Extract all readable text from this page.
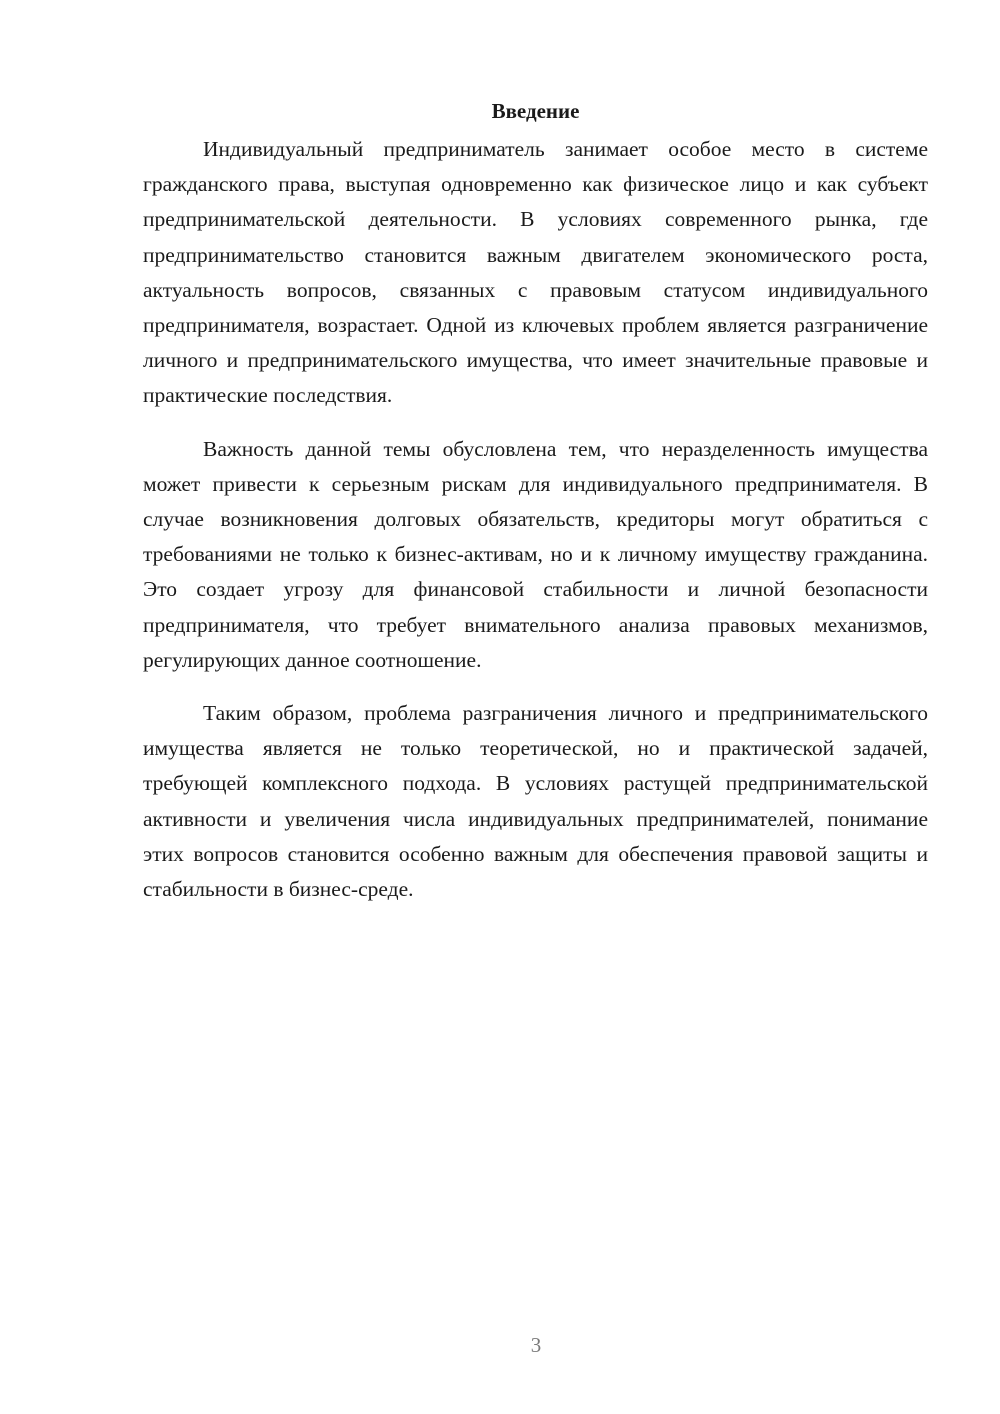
Введение

Индивидуальный предприниматель занимает особое место в системе гражданского права, выступая одновременно как физическое лицо и как субъект предпринимательской деятельности. В условиях современного рынка, где предпринимательство становится важным двигателем экономического роста, актуальность вопросов, связанных с правовым статусом индивидуального предпринимателя, возрастает. Одной из ключевых проблем является разграничение личного и предпринимательского имущества, что имеет значительные правовые и практические последствия.

Важность данной темы обусловлена тем, что неразделенность имущества может привести к серьезным рискам для индивидуального предпринимателя. В случае возникновения долговых обязательств, кредиторы могут обратиться с требованиями не только к бизнес-активам, но и к личному имуществу гражданина. Это создает угрозу для финансовой стабильности и личной безопасности предпринимателя, что требует внимательного анализа правовых механизмов, регулирующих данное соотношение.

Таким образом, проблема разграничения личного и предпринимательского имущества является не только теоретической, но и практической задачей, требующей комплексного подхода. В условиях растущей предпринимательской активности и увеличения числа индивидуальных предпринимателей, понимание этих вопросов становится особенно важным для обеспечения правовой защиты и стабильности в бизнес-среде.

3
